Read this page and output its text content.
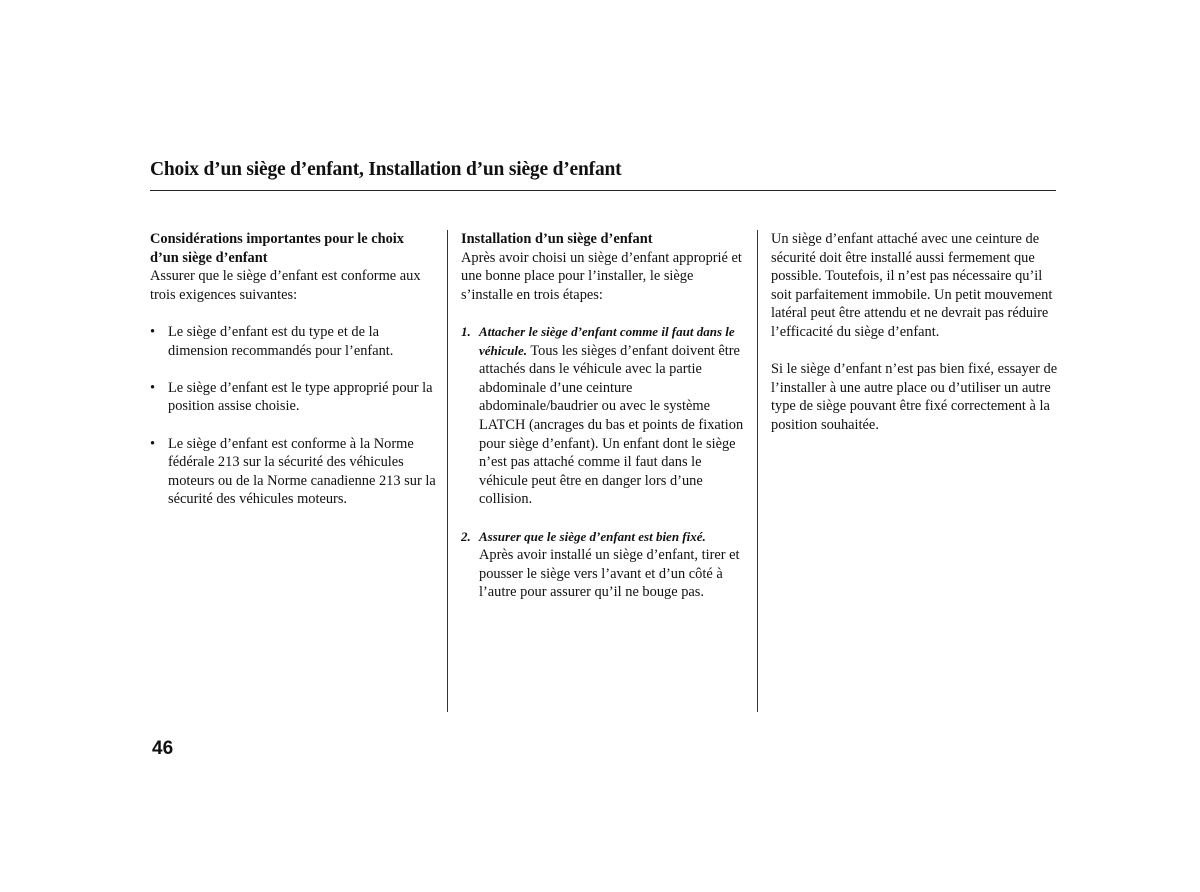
Choix d’un siège d’enfant, Installation d’un siège d’enfant

Considérations importantes pour le choix
d’un siège d’enfant

Assurer que le siège d’enfant est conforme aux trois exigences suivantes:

• Le siège d’enfant est du type et de la dimension recommandés pour l’enfant.

• Le siège d’enfant est le type approprié pour la position assise choisie.

• Le siège d’enfant est conforme à la Norme fédérale 213 sur la sécurité des véhicules moteurs ou de la Norme canadienne 213 sur la sécurité des véhicules moteurs.

Installation d’un siège d’enfant

Après avoir choisi un siège d’enfant approprié et une bonne place pour l’installer, le siège s’installe en trois étapes:

1. Attacher le siège d’enfant comme il faut dans le véhicule. Tous les sièges d’enfant doivent être attachés dans le véhicule avec la partie abdominale d’une ceinture abdominale/baudrier ou avec le système LATCH (ancrages du bas et points de fixation pour siège d’enfant). Un enfant dont le siège n’est pas attaché comme il faut dans le véhicule peut être en danger lors d’une collision.

2. Assurer que le siège d’enfant est bien fixé.
Après avoir installé un siège d’enfant, tirer et pousser le siège vers l’avant et d’un côté à l’autre pour assurer qu’il ne bouge pas.

Un siège d’enfant attaché avec une ceinture de sécurité doit être installé aussi fermement que possible. Toutefois, il n’est pas nécessaire qu’il soit parfaitement immobile. Un petit mouvement latéral peut être attendu et ne devrait pas réduire l’efficacité du siège d’enfant.

Si le siège d’enfant n’est pas bien fixé, essayer de l’installer à une autre place ou d’utiliser un autre type de siège pouvant être fixé correctement à la position souhaitée.

46
